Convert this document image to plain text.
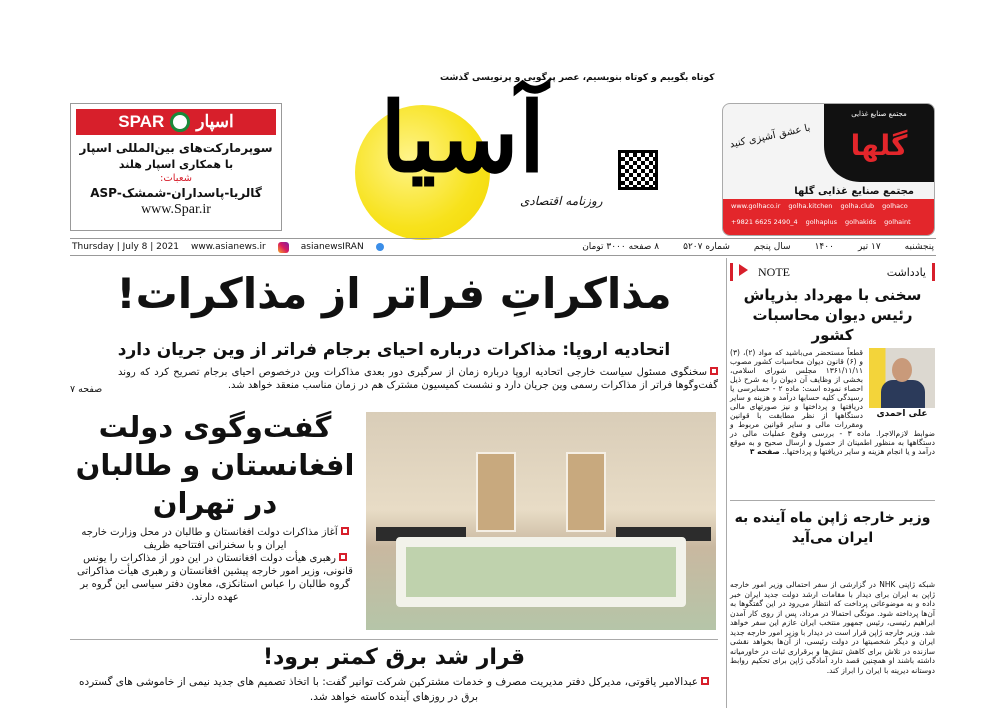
اسپار
SPAR
سوپرمارکت‌های بین‌المللی اسپار
با همکاری اسپار هلند
شعبات:
گالریا-پاسداران-شمشک-ASP
www.Spar.ir
آسیا
کوتاه بگوییم و کوتاه بنویسیم، عصر پرگویی و پرنویسی گذشت
روزنامه اقتصادی
مجتمع صنایع غذایی
گلها
با عشق آشپزی کنید
مجتمع صنایع غذایی گلها
www.golhaco.ir golha.kitchen golha.club golhaco
+9821 6625 2490_4 golhaplus golhakids golhaint
Thursday | July 8 | 2021 www.asianews.ir	asianewsIRAN	پنجشنبه
۱۷ تیر
۱۴۰۰
سال پنجم
شماره ۵۲۰۷
۸ صفحه ۳۰۰۰ تومان
مذاکراتِ فراتر از مذاکرات!
اتحادیه اروپا: مذاکرات درباره احیای برجام فراتر از وین جریان دارد
سخنگوی مسئول سیاست خارجی اتحادیه اروپا درباره زمان از سرگیری دور بعدی مذاکرات وین درخصوص احیای برجام تصریح کرد که روند گفت‌وگوها فراتر از مذاکرات رسمی وین جریان دارد و نشست کمیسیون مشترک هم در زمان مناسب منعقد خواهد شد.
صفحه ۷
گفت‌وگوی دولت افغانستان و طالبان در تهران
آغاز مذاکرات دولت افغانستان و طالبان در محل وزارت خارجه ایران و با سخنرانی افتتاحیه ظریف
رهبری هیأت دولت افغانستان در این دور از مذاکرات را یونس قانونی، وزیر امور خارجه پیشین افغانستان و رهبری هیأت مذاکراتی گروه طالبان را عباس استانکزی، معاون دفتر سیاسی این گروه بر عهده دارند.
قرار شد برق کمتر برود!
عبدالامیر یاقوتی، مدیرکل دفتر مدیریت مصرف و خدمات مشترکین شرکت توانیر گفت: با اتخاذ تصمیم های جدید نیمی از خاموشی های گسترده برق در روزهای آینده کاسته خواهد شد.
یادداشت
NOTE
سخنی با مهرداد بذرپاش رئیس دیوان محاسبات کشور
علی احمدی
قطعاً مستحضر می‌باشید که مواد (۲)، (۳) و (۶) قانون دیوان محاسبات کشور مصوب ۱۳۶۱/۱۱/۱۱ مجلس شورای اسلامی، بخشی از وظایف آن دیوان را به شرح ذیل احصاء نموده است: ماده ۲ - حسابرسی یا رسیدگی کلیه حسابها درآمد و هزینه و سایر دریافتها و پرداختها و نیز صورتهای مالی دستگاهها از نظر مطابقت با قوانین ومقررات مالی و سایر قوانین مربوط و ضوابط لازم‌الاجرا. ماده ۳ - بررسی وقوع عملیات مالی در دستگاهها به منظور اطمینان از حصول و ارسال صحیح و به موقع درآمد و یا انجام هزینه و سایر دریافتها و پرداختها.. صفحه ۳
وزیر خارجه ژاپن ماه آینده به ایران می‌آید
شبکه ژاپنی NHK در گزارشی از سفر احتمالی وزیر امور خارجه ژاپن به ایران برای دیدار با مقامات ارشد دولت جدید ایران خبر داده و به موضوعاتی پرداخت که انتظار می‌رود در این گفتگوها به آن‌ها پرداخته شود. موتگی احتمالا در مرداد، پس از روی کار آمدن ابراهیم رئیسی، رئیس جمهور منتخب ایران عازم این سفر خواهد شد. وزیر خارجه ژاپن قرار است در دیدار با وزیر امور خارجه جدید ایران و دیگر شخصیتها در دولت رئیسی، از آن‌ها بخواهد نقشی سازنده در تلاش برای کاهش تنش‌ها و برقراری ثبات در خاورمیانه داشته باشند او همچنین قصد دارد آمادگی ژاپن برای تحکیم روابط دوستانه دیرینه با ایران را ابراز کند.
